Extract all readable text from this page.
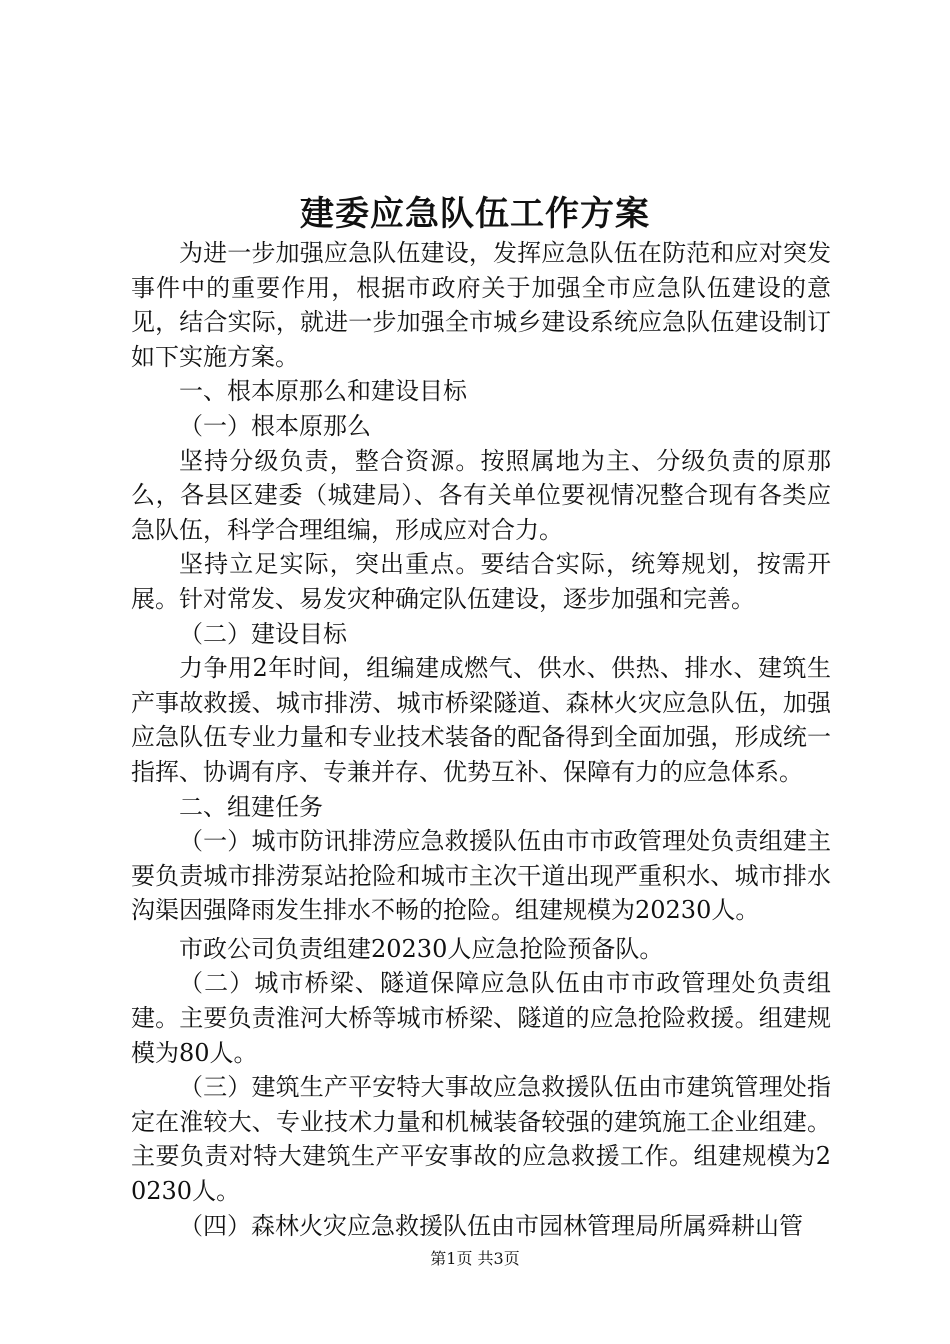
建委应急队伍工作方案

为进一步加强应急队伍建设，发挥应急队伍在防范和应对突发事件中的重要作用，根据市政府关于加强全市应急队伍建设的意见，结合实际，就进一步加强全市城乡建设系统应急队伍建设制订如下实施方案。

一、根本原那么和建设目标

（一）根本原那么

坚持分级负责，整合资源。按照属地为主、分级负责的原那么，各县区建委（城建局）、各有关单位要视情况整合现有各类应急队伍，科学合理组编，形成应对合力。

坚持立足实际，突出重点。要结合实际，统筹规划，按需开展。针对常发、易发灾种确定队伍建设，逐步加强和完善。

（二）建设目标

力争用2年时间，组编建成燃气、供水、供热、排水、建筑生产事故救援、城市排涝、城市桥梁隧道、森林火灾应急队伍，加强应急队伍专业力量和专业技术装备的配备得到全面加强，形成统一指挥、协调有序、专兼并存、优势互补、保障有力的应急体系。

二、组建任务

（一）城市防讯排涝应急救援队伍由市市政管理处负责组建主要负责城市排涝泵站抢险和城市主次干道出现严重积水、城市排水沟渠因强降雨发生排水不畅的抢险。组建规模为20230人。

市政公司负责组建20230人应急抢险预备队。

（二）城市桥梁、隧道保障应急队伍由市市政管理处负责组建。主要负责淮河大桥等城市桥梁、隧道的应急抢险救援。组建规模为80人。

（三）建筑生产平安特大事故应急救援队伍由市建筑管理处指定在淮较大、专业技术力量和机械装备较强的建筑施工企业组建。主要负责对特大建筑生产平安事故的应急救援工作。组建规模为20230人。

（四）森林火灾应急救援队伍由市园林管理局所属舜耕山管

第1页 共3页
